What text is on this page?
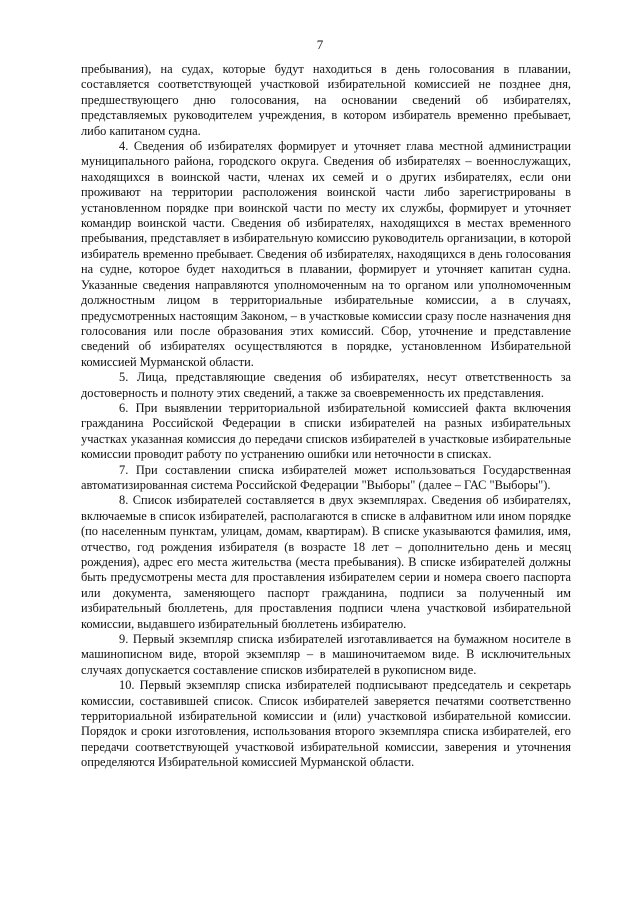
7

пребывания), на судах, которые будут находиться в день голосования в плавании, составляется соответствующей участковой избирательной комиссией не позднее дня, предшествующего дню голосования, на основании сведений об избирателях, представляемых руководителем учреждения, в котором избиратель временно пребывает, либо капитаном судна.

4. Сведения об избирателях формирует и уточняет глава местной администрации муниципального района, городского округа. Сведения об избирателях – военнослужащих, находящихся в воинской части, членах их семей и о других избирателях, если они проживают на территории расположения воинской части либо зарегистрированы в установленном порядке при воинской части по месту их службы, формирует и уточняет командир воинской части. Сведения об избирателях, находящихся в местах временного пребывания, представляет в избирательную комиссию руководитель организации, в которой избиратель временно пребывает. Сведения об избирателях, находящихся в день голосования на судне, которое будет находиться в плавании, формирует и уточняет капитан судна. Указанные сведения направляются уполномоченным на то органом или уполномоченным должностным лицом в территориальные избирательные комиссии, а в случаях, предусмотренных настоящим Законом, – в участковые комиссии сразу после назначения дня голосования или после образования этих комиссий. Сбор, уточнение и представление сведений об избирателях осуществляются в порядке, установленном Избирательной комиссией Мурманской области.

5. Лица, представляющие сведения об избирателях, несут ответственность за достоверность и полноту этих сведений, а также за своевременность их представления.

6. При выявлении территориальной избирательной комиссией факта включения гражданина Российской Федерации в списки избирателей на разных избирательных участках указанная комиссия до передачи списков избирателей в участковые избирательные комиссии проводит работу по устранению ошибки или неточности в списках.

7. При составлении списка избирателей может использоваться Государственная автоматизированная система Российской Федерации "Выборы" (далее – ГАС "Выборы").

8. Список избирателей составляется в двух экземплярах. Сведения об избирателях, включаемые в список избирателей, располагаются в списке в алфавитном или ином порядке (по населенным пунктам, улицам, домам, квартирам). В списке указываются фамилия, имя, отчество, год рождения избирателя (в возрасте 18 лет – дополнительно день и месяц рождения), адрес его места жительства (места пребывания). В списке избирателей должны быть предусмотрены места для проставления избирателем серии и номера своего паспорта или документа, заменяющего паспорт гражданина, подписи за полученный им избирательный бюллетень, для проставления подписи члена участковой избирательной комиссии, выдавшего избирательный бюллетень избирателю.

9. Первый экземпляр списка избирателей изготавливается на бумажном носителе в машинописном виде, второй экземпляр – в машиночитаемом виде. В исключительных случаях допускается составление списков избирателей в рукописном виде.

10. Первый экземпляр списка избирателей подписывают председатель и секретарь комиссии, составившей список. Список избирателей заверяется печатями соответственно территориальной избирательной комиссии и (или) участковой избирательной комиссии. Порядок и сроки изготовления, использования второго экземпляра списка избирателей, его передачи соответствующей участковой избирательной комиссии, заверения и уточнения определяются Избирательной комиссией Мурманской области.
